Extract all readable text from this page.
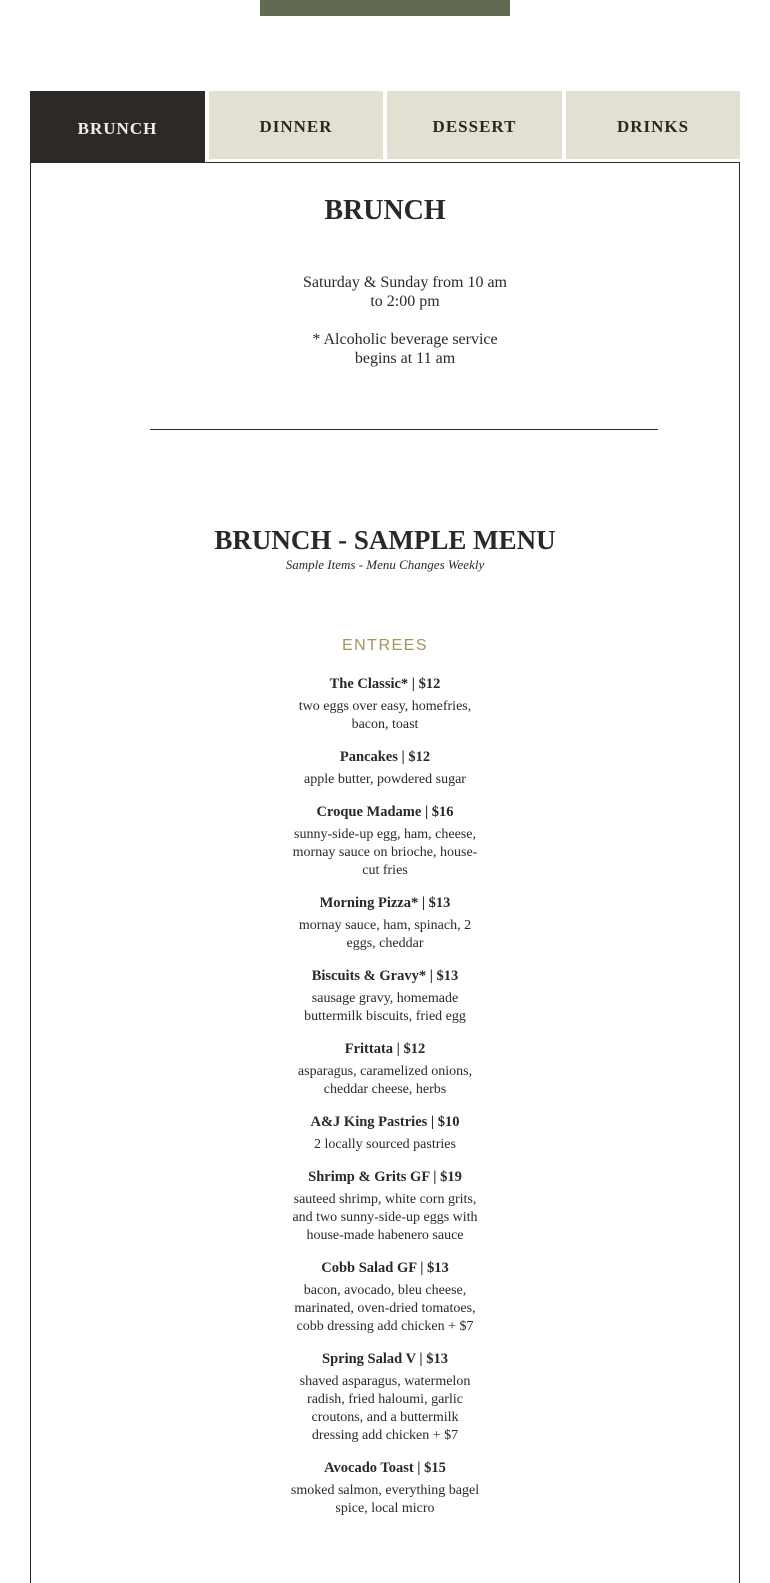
BRUNCH	DINNER	DESSERT	DRINKS
BRUNCH
Saturday & Sunday from 10 am to 2:00 pm
* Alcoholic beverage service begins at 11 am
BRUNCH - SAMPLE MENU
Sample Items - Menu Changes Weekly
ENTREES
The Classic* | $12
two eggs over easy, homefries, bacon, toast
Pancakes | $12
apple butter, powdered sugar
Croque Madame | $16
sunny-side-up egg, ham, cheese, mornay sauce on brioche, house-cut fries
Morning Pizza* | $13
mornay sauce, ham, spinach, 2 eggs, cheddar
Biscuits & Gravy* | $13
sausage gravy, homemade buttermilk biscuits, fried egg
Frittata | $12
asparagus, caramelized onions, cheddar cheese, herbs
A&J King Pastries | $10
2 locally sourced pastries
Shrimp & Grits GF | $19
sauteed shrimp, white corn grits, and two sunny-side-up eggs with house-made habenero sauce
Cobb Salad GF | $13
bacon, avocado, bleu cheese, marinated, oven-dried tomatoes, cobb dressing add chicken + $7
Spring Salad V | $13
shaved asparagus, watermelon radish, fried haloumi, garlic croutons, and a buttermilk dressing add chicken + $7
Avocado Toast | $15
smoked salmon, everything bagel spice, local micro
